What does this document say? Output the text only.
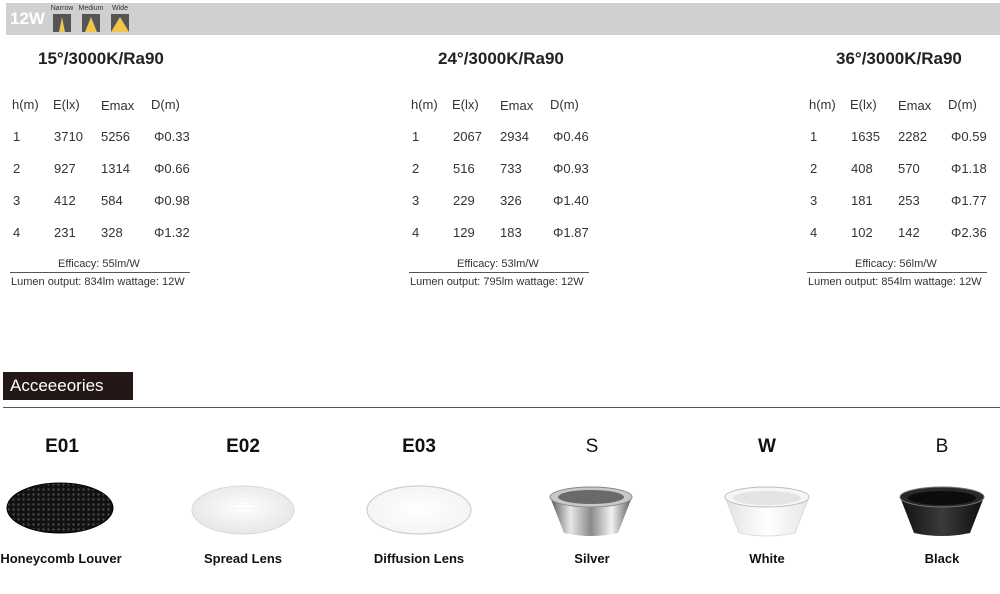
12W
Narrow Medium	Wide
15°/3000K/Ra90
h(m) E(lx) Emax D(m)
1	3710 5256 Φ0.33
2	927 1314 Φ0.66
3	412 584 Φ0.98
4	231 328 Φ1.32
Efficacy: 55lm/W
Lumen output: 834lm wattage: 12W
24°/3000K/Ra90
h(m) E(lx) Emax D(m)
1	2067 2934 Φ0.46
2	516 733 Φ0.93
3	229 326 Φ1.40
4	129 183 Φ1.87
Efficacy: 53lm/W
Lumen output: 795lm wattage: 12W
36°/3000K/Ra90
h(m) E(lx) Emax D(m)
1	1635 2282 Φ0.59
2	408 570 Φ1.18
3	181 253 Φ1.77
4	102 142 Φ2.36
Efficacy: 56lm/W
Lumen output: 854lm wattage: 12W
Acceeeories
E01
Honeycomb Louver
E02
Spread Lens
E03
Diffusion Lens
S
Silver
W
White
B
Black
